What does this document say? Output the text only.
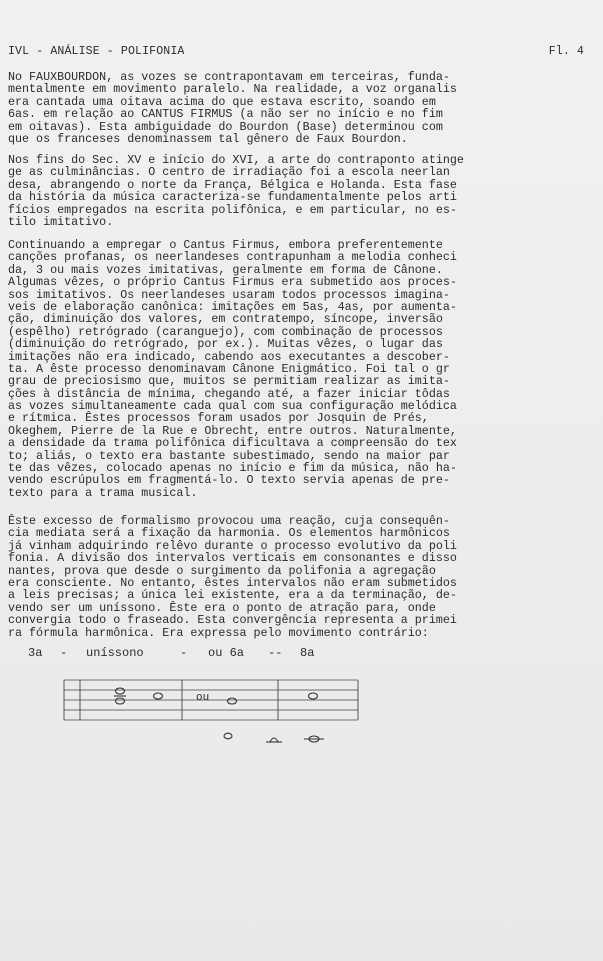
IVL - ANÁLISE - POLIFONIA	Fl. 4
No FAUXBOURDON, as vozes se contrapontavam em terceiras, funda-
mentalmente em movimento paralelo. Na realidade, a voz organalis
era cantada uma oitava acima do que estava escrito, soando em
6as. em relação ao CANTUS FIRMUS (a não ser no início e no fim
em oitavas). Esta ambiguidade do Bourdon (Base) determinou com
que os franceses denominassem tal gênero de Faux Bourdon.
Nos fins do Sec. XV e início do XVI, a arte do contraponto atinge
ge as culminâncias. O centro de irradiação foi a escola neerlan
desa, abrangendo o norte da França, Bélgica e Holanda. Esta fase
da história da música caracteriza-se fundamentalmente pelos arti
fícios empregados na escrita polifônica, e em particular, no es-
tilo imitativo.
Continuando a empregar o Cantus Firmus, embora preferentemente
canções profanas, os neerlandeses contrapunham a melodia conheci
da, 3 ou mais vozes imitativas, geralmente em forma de Cânone.
Algumas vêzes, o próprio Cantus Firmus era submetido aos proces-
sos imitativos. Os neerlandeses usaram todos processos imagina-
veis de elaboração canônica: imitações em 5as, 4as, por aumenta-
ção, diminuição dos valores, em contratempo, síncope, inversão
(espêlho) retrógrado (caranguejo), com combinação de processos
(diminuição do retrógrado, por ex.). Muitas vêzes, o lugar das
imitações não era indicado, cabendo aos executantes a descober-
ta. A êste processo denominavam Cânone Enigmático. Foi tal o gr
grau de preciosismo que, muitos se permitiam realizar as imita-
ções à distância de mínima, chegando até, a fazer iniciar tôdas
as vozes simultaneamente cada qual com sua configuração melódica
e rítmica. Êstes processos foram usados por Josquin de Prés,
Okeghem, Pierre de la Rue e Obrecht, entre outros. Naturalmente,
a densidade da trama polifônica dificultava a compreensão do tex
to; aliás, o texto era bastante subestimado, sendo na maior par
te das vêzes, colocado apenas no início e fim da música, não ha-
vendo escrúpulos em fragmentá-lo. O texto servia apenas de pre-
texto para a trama musical.
Êste excesso de formalismo provocou uma reação, cuja consequên-
cia mediata será a fixação da harmonia. Os elementos harmônicos
já vinham adquirindo relêvo durante o processo evolutivo da poli
fonia. A divisão dos intervalos verticais em consonantes e disso
nantes, prova que desde o surgimento da polifonia a agregação
era consciente. No entanto, êstes intervalos não eram submetidos
a leis precisas; a única lei existente, era a da terminação, de-
vendo ser um uníssono. Êste era o ponto de atração para, onde
convergia todo o fraseado. Esta convergência representa a primei
ra fórmula harmônica. Era expressa pelo movimento contrário:
3a - uníssono	- ou 6a -- 8a
ou
